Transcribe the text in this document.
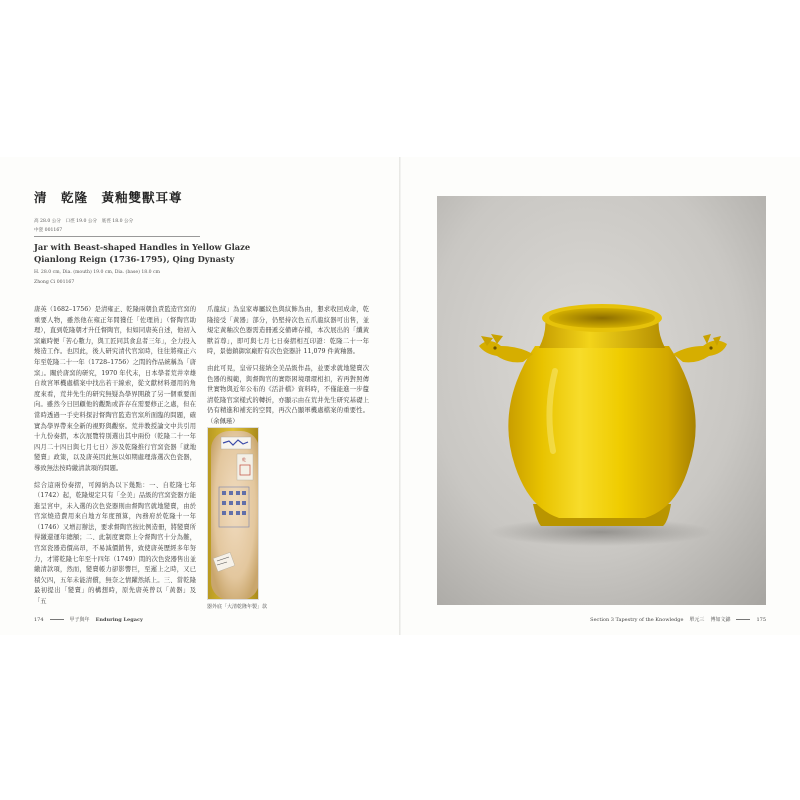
清　乾隆　黃釉雙獸耳尊
高 28.0 公分　口徑 19.0 公分　底徑 18.0 公分
中瓷 001167
Jar with Beast-shaped Handles in Yellow Glaze
Qianlong Reign (1736-1795), Qing Dynasty
H. 28.0 cm, Dia. (mouth) 19.0 cm, Dia. (base) 18.0 cm
Zhong Ci 001167

唐英（1682–1756）是清雍正、乾隆兩朝負責監造官窯的重要人物，雖然他在雍正年間獲任「佐理員」（督陶官助理），直到乾隆朝才升任督陶官，但如同唐英自述，他初入窯廠時便「苦心數力，與工匠同其食息者三年」，全力投入燒造工作。也因此，後人研究清代官窯時，往往將雍正六年至乾隆二十一年（1728–1756）之間的作品統稱為「唐窯」。關於唐窯的研究，1970 年代末，日本學者荒井幸雄自故宮軍機處檔案中找出若干線索，從文獻材料運用的角度來看，荒井先生的研究無疑為學界開啟了另一個重要面向。雖然今日回顧他的觀點或許存在需要修正之處，但在當時透過一手史料探討督陶官監造官窯所面臨的問題，確實為學界帶來全新的視野與觀察。荒井教授論文中共引用十九份奏摺，本次展覽特別選出其中兩份（乾隆二十一年四月二十四日與七月七日）涉及乾隆推行官窯瓷器「就地變賣」政策，以及唐英因此無以如期處理落選次色瓷器，導致無法按時繳清款項的問題。

綜合這兩份奏摺，可歸納為以下幾點：一、自乾隆七年（1742）起，乾隆規定只有「全美」品級的官窯瓷器方能進呈宮中，未入選的次色瓷器則由督陶官就地變賣，由於官窯燒造費用來自地方年度預算，內務府於乾隆十一年（1746）又增訂辦法，要求督陶官按比例造冊，將變賣所得繳還運年總額；二、此制度實際上令督陶官十分為難，官窯瓷器造價高昂，不易減價銷售，致使唐英歷經多年努力，才將乾隆七年至十四年（1749）間的次色瓷器售出並繳清款項，然而，變賣帳力卻影響巨，至遲上之時，又已積欠四，五年未能清償，無奈之情躍然紙上。三、當乾隆最初提出「變賣」的構想時，原先唐英曾以「黃器」及「五

爪龍紋」為皇家專屬紋色與紋飾為由，懇求收回成命，乾隆接受「黃器」部分，仍堅持次色五爪龍紋器可出售，並規定黃釉次色器需造冊遞交備碑存檔，本次展出的「纖黃獸首尊」，即可與七月七日奏摺相互印證：乾隆二十一年時，景德鎮御窯廠貯有次色瓷器計 11,079 件黃釉器。

由此可見，皇帝只接納全美品級作品，並要求就地變賣次色器的規範，與督陶官的實際困境環環相扣，若再對照傳世實物與近年公布的《活計檔》資料時，不僅能進一步釐清乾隆官窯樣式的轉折，亦顯示由在荒井先生研究基礎上仍有精進和補充的空間，再次凸顯軍機處檔案的重要性。（余佩瑾）

乾
器外底「大清乾隆年製」款
174	甲子與年 Enduring Legacy	Section 3 Tapestry of the Knowledge 單元三 博如文錦	175
